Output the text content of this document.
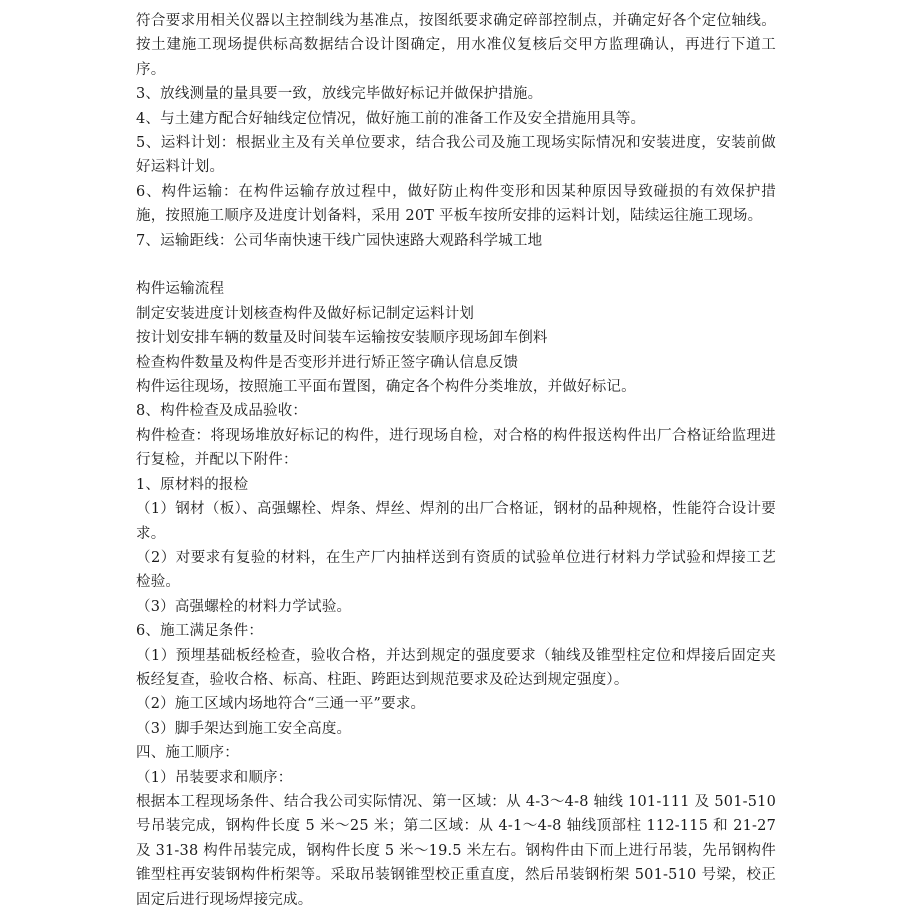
符合要求用相关仪器以主控制线为基准点，按图纸要求确定碎部控制点，并确定好各个定位轴线。按土建施工现场提供标高数据结合设计图确定，用水准仪复核后交甲方监理确认，再进行下道工序。

3、放线测量的量具要一致，放线完毕做好标记并做保护措施。

4、与土建方配合好轴线定位情况，做好施工前的准备工作及安全措施用具等。

5、运料计划：根据业主及有关单位要求，结合我公司及施工现场实际情况和安装进度，安装前做好运料计划。

6、构件运输：在构件运输存放过程中，做好防止构件变形和因某种原因导致碰损的有效保护措施，按照施工顺序及进度计划备料，采用 20T 平板车按所安排的运料计划，陆续运往施工现场。

7、运输距线：公司华南快速干线广园快速路大观路科学城工地

构件运输流程

制定安装进度计划核查构件及做好标记制定运料计划

按计划安排车辆的数量及时间装车运输按安装顺序现场卸车倒料

检查构件数量及构件是否变形并进行矫正签字确认信息反馈

构件运往现场，按照施工平面布置图，确定各个构件分类堆放，并做好标记。

8、构件检查及成品验收：

构件检查：将现场堆放好标记的构件，进行现场自检，对合格的构件报送构件出厂合格证给监理进行复检，并配以下附件：

1、原材料的报检

（1）钢材（板）、高强螺栓、焊条、焊丝、焊剂的出厂合格证，钢材的品种规格，性能符合设计要求。

（2）对要求有复验的材料，在生产厂内抽样送到有资质的试验单位进行材料力学试验和焊接工艺检验。

（3）高强螺栓的材料力学试验。

6、施工满足条件：

（1）预埋基础板经检查，验收合格，并达到规定的强度要求（轴线及锥型柱定位和焊接后固定夹板经复查，验收合格、标高、柱距、跨距达到规范要求及砼达到规定强度）。

（2）施工区域内场地符合“三通一平”要求。

（3）脚手架达到施工安全高度。

四、施工顺序：

（1）吊装要求和顺序：

根据本工程现场条件、结合我公司实际情况、第一区域：从 4-3～4-8 轴线 101-111 及 501-510 号吊装完成，钢构件长度 5 米～25 米；第二区域：从 4-1～4-8 轴线顶部柱 112-115 和 21-27 及 31-38 构件吊装完成，钢构件长度 5 米～19.5 米左右。钢构件由下而上进行吊装，先吊钢构件锥型柱再安装钢构件桁架等。采取吊装钢锥型校正重直度，然后吊装钢桁架 501-510 号梁，校正固定后进行现场焊接完成。
